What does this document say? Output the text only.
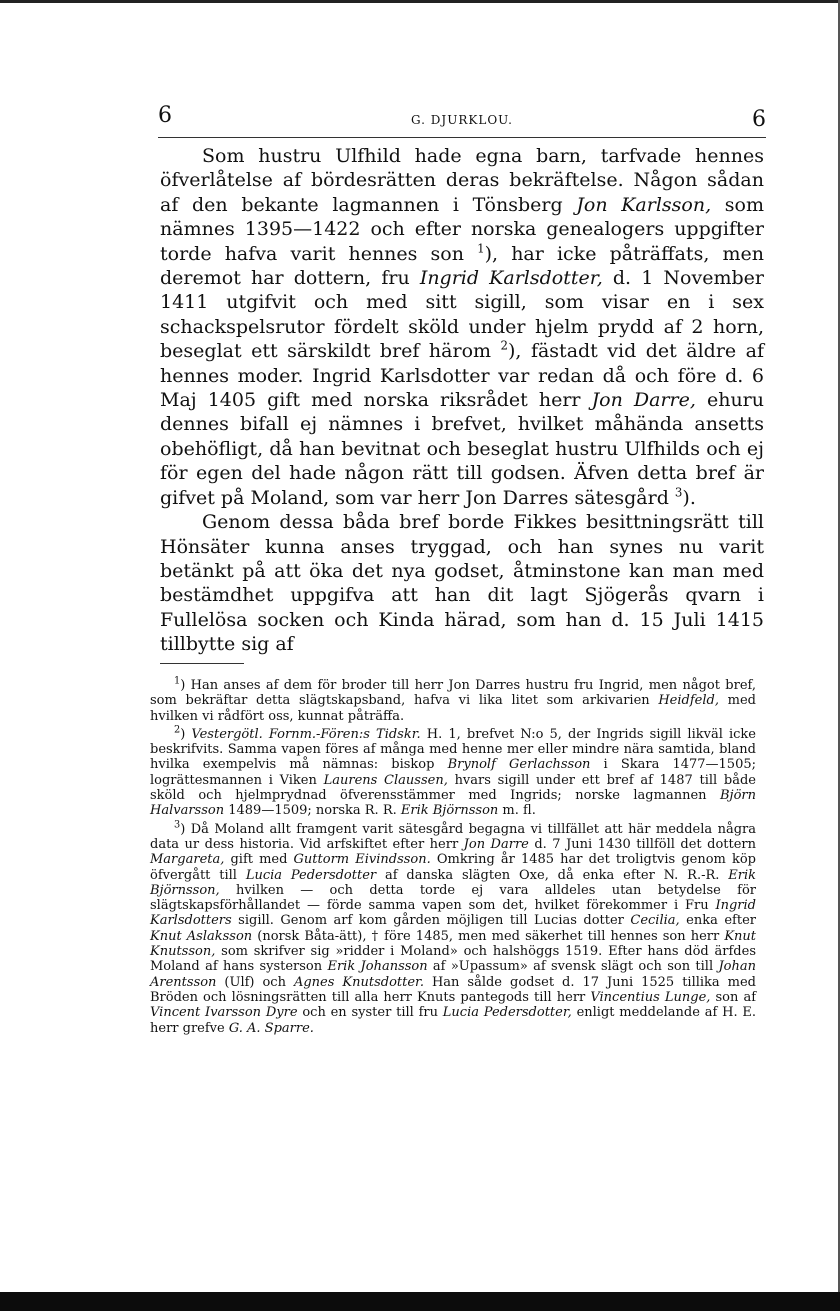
6	G. DJURKLOU.	6

Som hustru Ulfhild hade egna barn, tarfvade hennes öfverlåtelse af bördesrätten deras bekräftelse. Någon sådan af den bekante lagmannen i Tönsberg Jon Karlsson, som nämnes 1395—1422 och efter norska genealogers uppgifter torde hafva varit hennes son $^1$), har icke påträffats, men deremot har dottern, fru Ingrid Karlsdotter, d. 1 November 1411 utgifvit och med sitt sigill, som visar en i sex schackspelsrutor fördelt sköld under hjelm prydd af 2 horn, beseglat ett särskildt bref härom $^2$), fästadt vid det äldre af hennes moder. Ingrid Karlsdotter var redan då och före d. 6 Maj 1405 gift med norska riksrådet herr Jon Darre, ehuru dennes bifall ej nämnes i brefvet, hvilket måhända ansetts obehöfligt, då han bevitnat och beseglat hustru Ulfhilds och ej för egen del hade någon rätt till godsen. Äfven detta bref är gifvet på Moland, som var herr Jon Darres sätesgård $^3$).

Genom dessa båda bref borde Fikkes besittningsrätt till Hönsäter kunna anses tryggad, och han synes nu varit betänkt på att öka det nya godset, åtminstone kan man med bestämdhet uppgifva att han dit lagt Sjögerås qvarn i Fullelösa socken och Kinda härad, som han d. 15 Juli 1415 tillbytte sig af

$^1$) Han anses af dem för broder till herr Jon Darres hustru fru Ingrid, men något bref, som bekräftar detta slägtskapsband, hafva vi lika litet som arkivarien Heidfeld, med hvilken vi rådfört oss, kunnat påträffa.

$^2$) Vestergötl. Fornm.-Fören:s Tidskr. H. 1, brefvet N:o 5, der Ingrids sigill likväl icke beskrifvits. Samma vapen föres af många med henne mer eller mindre nära samtida, bland hvilka exempelvis må nämnas: biskop Brynolf Gerlachsson i Skara 1477—1505; logrättesmannen i Viken Laurens Claussen, hvars sigill under ett bref af 1487 till både sköld och hjelmprydnad öfverensstämmer med Ingrids; norske lagmannen Björn Halvarsson 1489—1509; norska R. R. Erik Björnsson m. fl.

$^3$) Då Moland allt framgent varit sätesgård begagna vi tillfället att här meddela några data ur dess historia. Vid arfskiftet efter herr Jon Darre d. 7 Juni 1430 tillföll det dottern Margareta, gift med Guttorm Eivindsson. Omkring år 1485 har det troligtvis genom köp öfvergått till Lucia Pedersdotter af danska slägten Oxe, då enka efter N. R.-R. Erik Björnsson, hvilken — och detta torde ej vara alldeles utan betydelse för slägtskapsförhållandet — förde samma vapen som det, hvilket förekommer i Fru Ingrid Karlsdotters sigill. Genom arf kom gården möjligen till Lucias dotter Cecilia, enka efter Knut Aslaksson (norsk Båta-ätt), † före 1485, men med säkerhet till hennes son herr Knut Knutsson, som skrifver sig »ridder i Moland» och halshöggs 1519. Efter hans död ärfdes Moland af hans systerson Erik Johansson af »Upassum» af svensk slägt och son till Johan Arentsson (Ulf) och Agnes Knutsdotter. Han sålde godset d. 17 Juni 1525 tillika med Bröden och lösningsrätten till alla herr Knuts pantegods till herr Vincentius Lunge, son af Vincent Ivarsson Dyre och en syster till fru Lucia Pedersdotter, enligt meddelande af H. E. herr grefve G. A. Sparre.
